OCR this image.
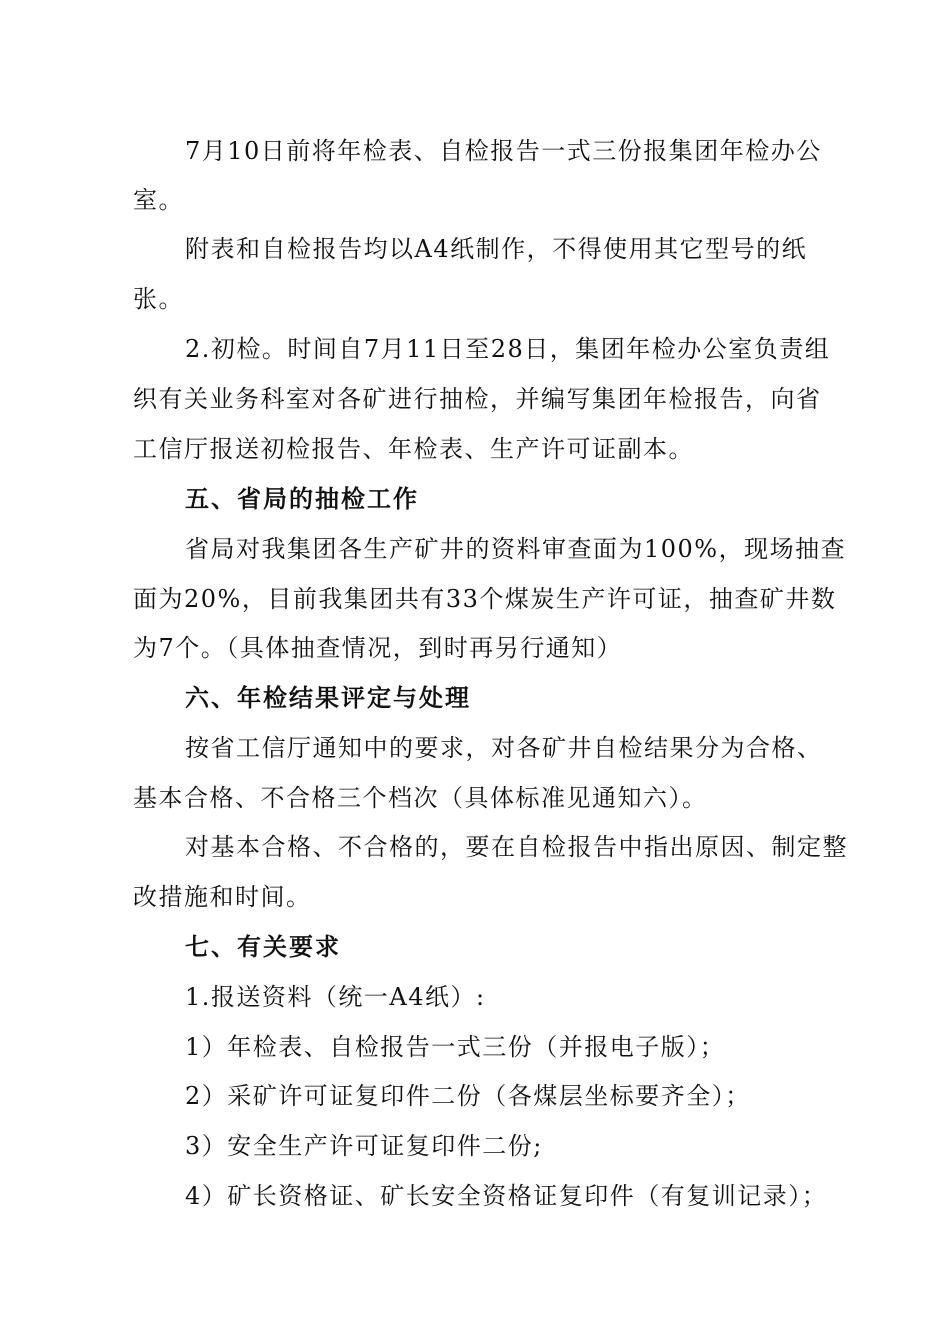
7月10日前将年检表、自检报告一式三份报集团年检办公
室。
附表和自检报告均以A4纸制作，不得使用其它型号的纸
张。
2.初检。时间自7月11日至28日，集团年检办公室负责组
织有关业务科室对各矿进行抽检，并编写集团年检报告，向省
工信厅报送初检报告、年检表、生产许可证副本。
五、省局的抽检工作
省局对我集团各生产矿井的资料审查面为100%，现场抽查
面为20%，目前我集团共有33个煤炭生产许可证，抽查矿井数
为7个。（具体抽查情况，到时再另行通知）
六、年检结果评定与处理
按省工信厅通知中的要求，对各矿井自检结果分为合格、
基本合格、不合格三个档次（具体标准见通知六）。
对基本合格、不合格的，要在自检报告中指出原因、制定整
改措施和时间。
七、有关要求
1.报送资料（统一A4纸）:
1）年检表、自检报告一式三份（并报电子版）；
2）采矿许可证复印件二份（各煤层坐标要齐全）；
3）安全生产许可证复印件二份;
4）矿长资格证、矿长安全资格证复印件（有复训记录）；
